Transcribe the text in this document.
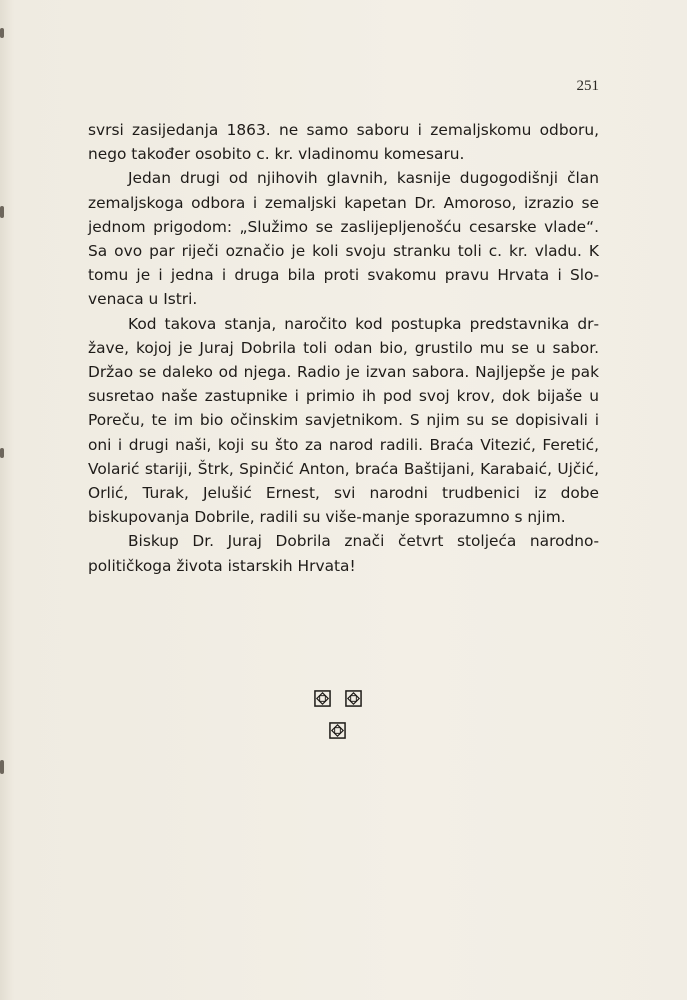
251

svrsi zasijedanja 1863. ne samo saboru i zemaljskomu odboru, nego također osobito c. kr. vladinomu komesaru.

Jedan drugi od njihovih glavnih, kasnije dugogodišnji član zemaljskoga odbora i zemaljski kapetan Dr. Amoroso, izrazio se jednom prigodom: „Služimo se zaslijepljenošću cesarske vlade“. Sa ovo par riječi označio je koli svoju stranku toli c. kr. vladu. K tomu je i jedna i druga bila proti svakomu pravu Hrvata i Slovenaca u Istri.

Kod takova stanja, naročito kod postupka predstavnika države, kojoj je Juraj Dobrila toli odan bio, grustilo mu se u sabor. Držao se daleko od njega. Radio je izvan sabora. Najljepše je pak susretao naše zastupnike i primio ih pod svoj krov, dok bijaše u Poreču, te im bio očinskim savjetnikom. S njim su se dopisivali i oni i drugi naši, koji su što za narod radili. Braća Vitezić, Feretić, Volarić stariji, Štrk, Spinčić Anton, braća Baštijani, Karabaić, Ujčić, Orlić, Turak, Jelušić Ernest, svi narodni trudbenici iz dobe biskupovanja Dobrile, radili su više-manje sporazumno s njim.

Biskup Dr. Juraj Dobrila znači četvrt stoljeća narodnopolitičkoga života istarskih Hrvata!
